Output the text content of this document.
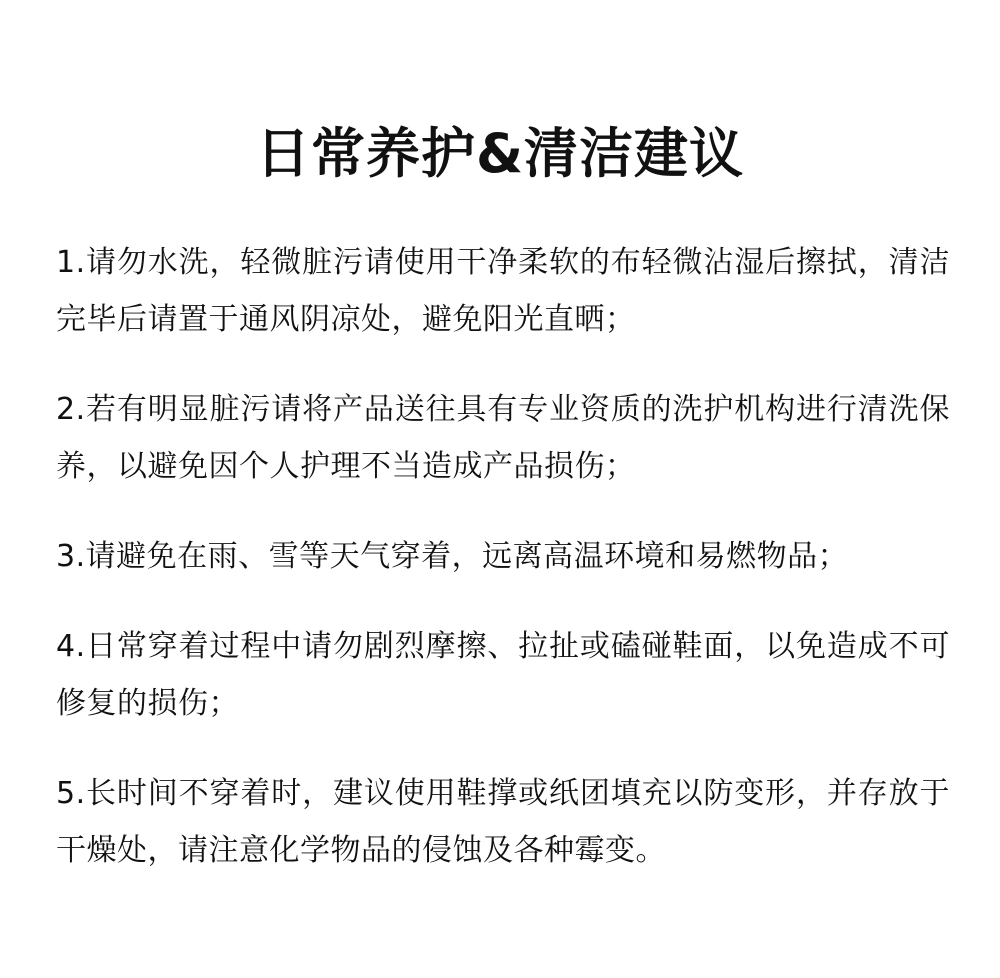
日常养护&清洁建议
1.请勿水洗，轻微脏污请使用干净柔软的布轻微沾湿后擦拭，清洁完毕后请置于通风阴凉处，避免阳光直晒；
2.若有明显脏污请将产品送往具有专业资质的洗护机构进行清洗保养，以避免因个人护理不当造成产品损伤；
3.请避免在雨、雪等天气穿着，远离高温环境和易燃物品；
4.日常穿着过程中请勿剧烈摩擦、拉扯或磕碰鞋面，以免造成不可修复的损伤；
5.长时间不穿着时，建议使用鞋撑或纸团填充以防变形，并存放于干燥处，请注意化学物品的侵蚀及各种霉变。
